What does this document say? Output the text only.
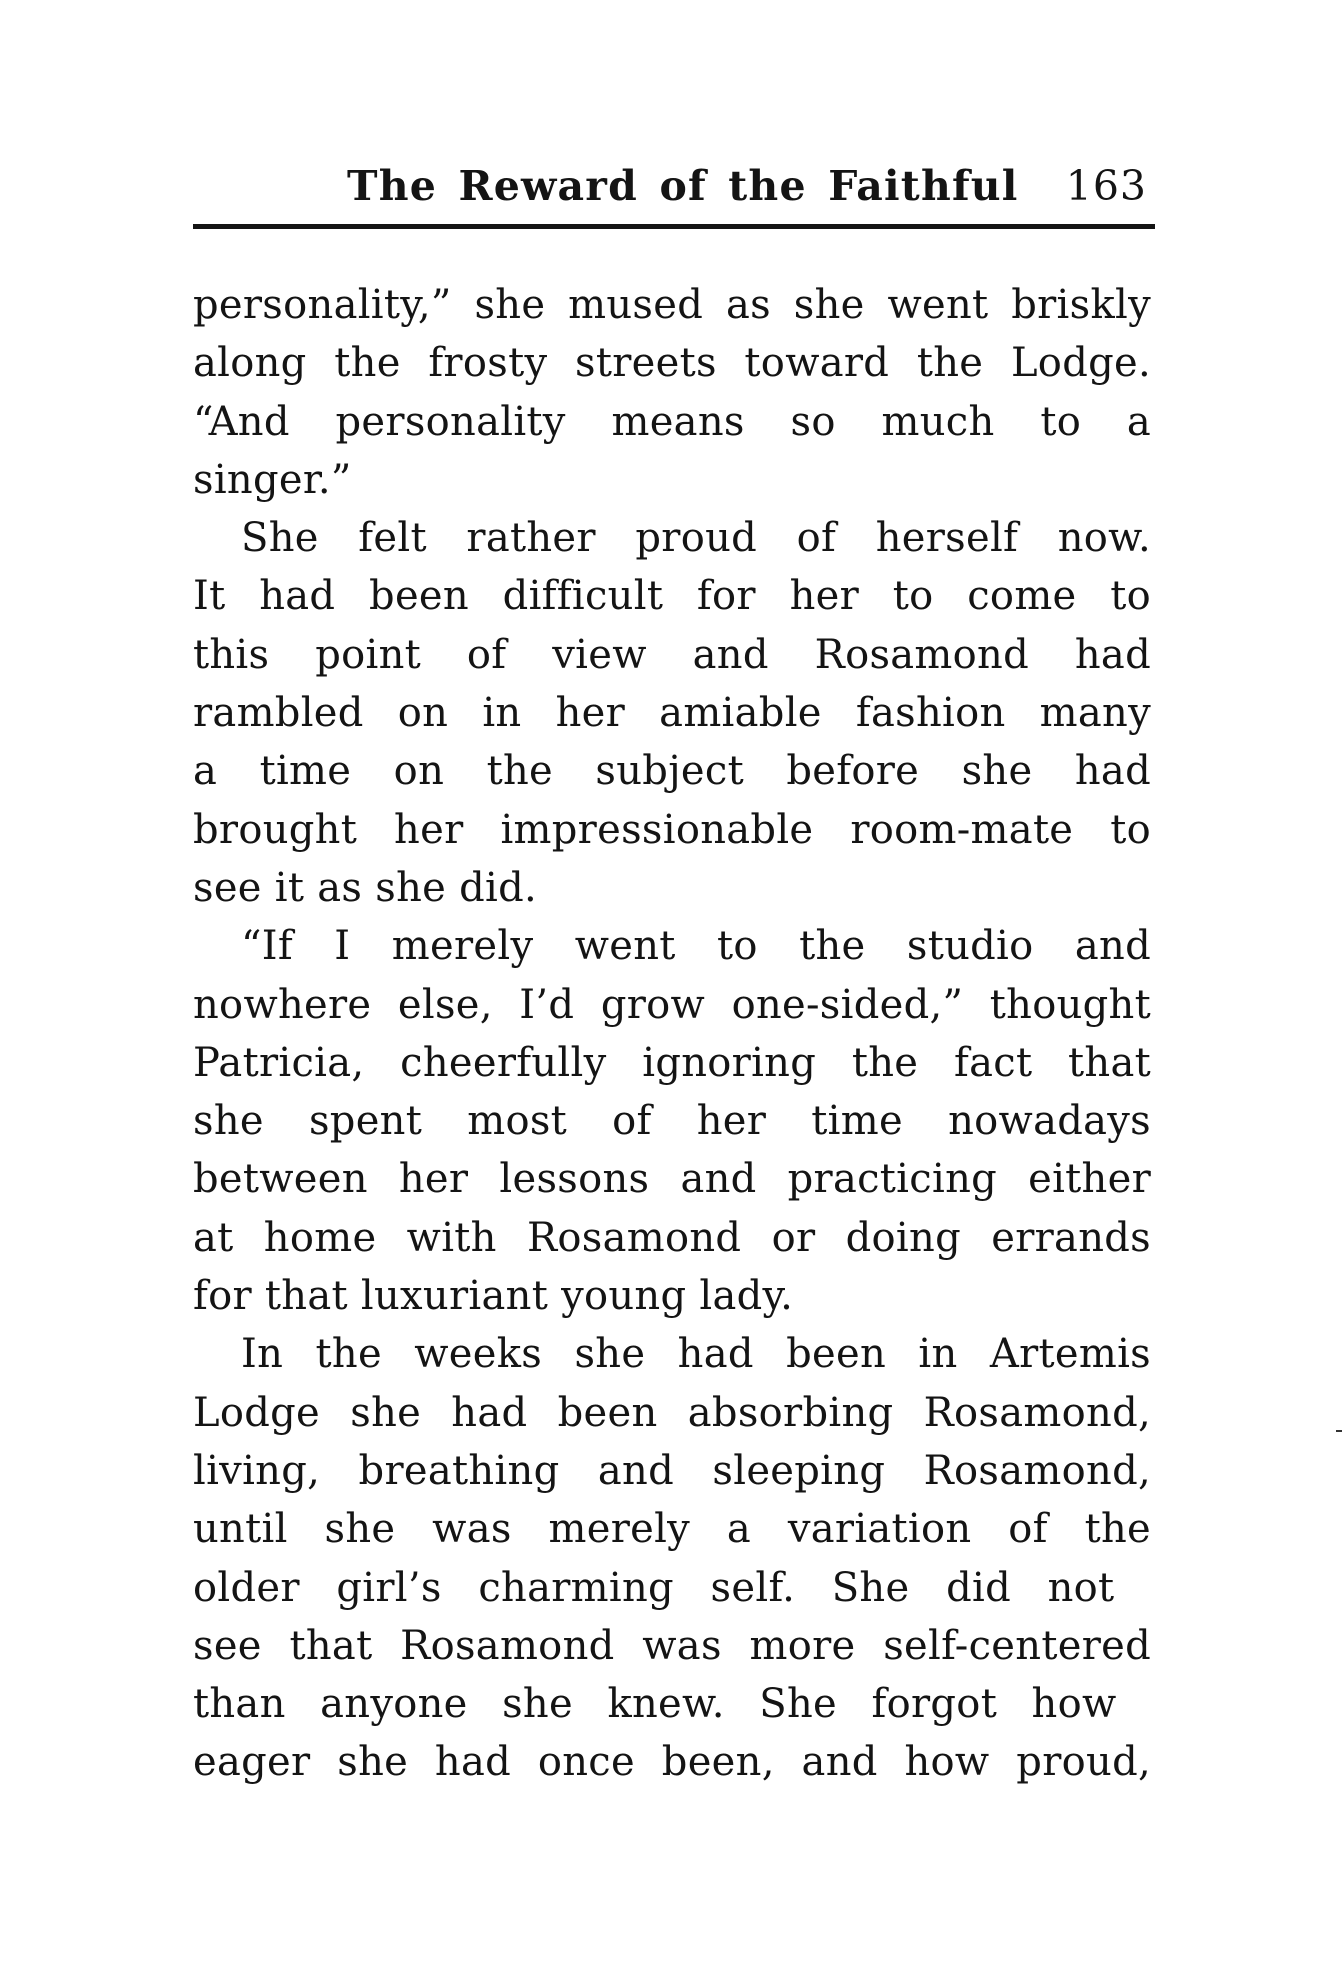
The Reward of the Faithful 163
personality,” she mused as she went briskly
along the frosty streets toward the Lodge.
“And personality means so much to a
singer.”
She felt rather proud of herself now.
It had been difficult for her to come to
this point of view and Rosamond had
rambled on in her amiable fashion many
a time on the subject before she had
brought her impressionable room-mate to
see it as she did.
“If I merely went to the studio and
nowhere else, I’d grow one-sided,” thought
Patricia, cheerfully ignoring the fact that
she spent most of her time nowadays
between her lessons and practicing either
at home with Rosamond or doing errands
for that luxuriant young lady.
In the weeks she had been in Artemis
Lodge she had been absorbing Rosamond,
living, breathing and sleeping Rosamond,
until she was merely a variation of the
older girl’s charming self. She did not
see that Rosamond was more self-centered
than anyone she knew. She forgot how
eager she had once been, and how proud,
